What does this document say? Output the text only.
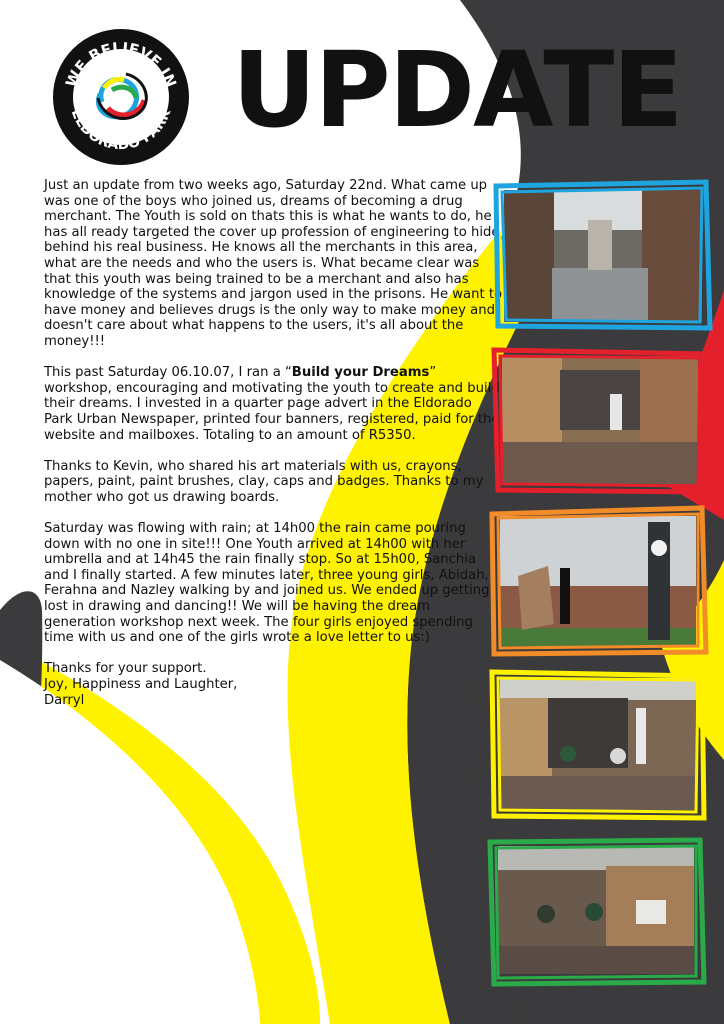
WE BELIEVE IN
ELDORADO PARK UPDATE

Just an update from two weeks ago, Saturday 22nd. What came up was one of the boys who joined us, dreams of becoming a drug merchant. The Youth is sold on thats this is what he wants to do, he has all ready targeted the cover up profession of engineering to hide behind his real business. He knows all the merchants in this area, what are the needs and who the users is. What became clear was that this youth was being trained to be a merchant and also has knowledge of the systems and jargon used in the prisons. He want to have money and believes drugs is the only way to make money and doesn't care about what happens to the users, it's all about the money!!!

This past Saturday 06.10.07, I ran a “Build your Dreams” workshop, encouraging and motivating the youth to create and build their dreams. I invested in a quarter page advert in the Eldorado Park Urban Newspaper, printed four banners, registered, paid for the website and mailboxes. Totaling to an amount of R5350.

Thanks to Kevin, who shared his art materials with us, crayons, papers, paint, paint brushes, clay, caps and badges. Thanks to my mother who got us drawing boards.

Saturday was flowing with rain; at 14h00 the rain came pouring down with no one in site!!! One Youth arrived at 14h00 with her umbrella and at 14h45 the rain finally stop. So at 15h00, Sanchia and I finally started. A few minutes later, three young girls, Abidah, Ferahna and Nazley walking by and joined us. We ended up getting lost in drawing and dancing!! We will be having the dream generation workshop next week. The four girls enjoyed spending time with us and one of the girls wrote a love letter to us:)

Thanks for your support.

Joy, Happiness and Laughter,

Darryl
